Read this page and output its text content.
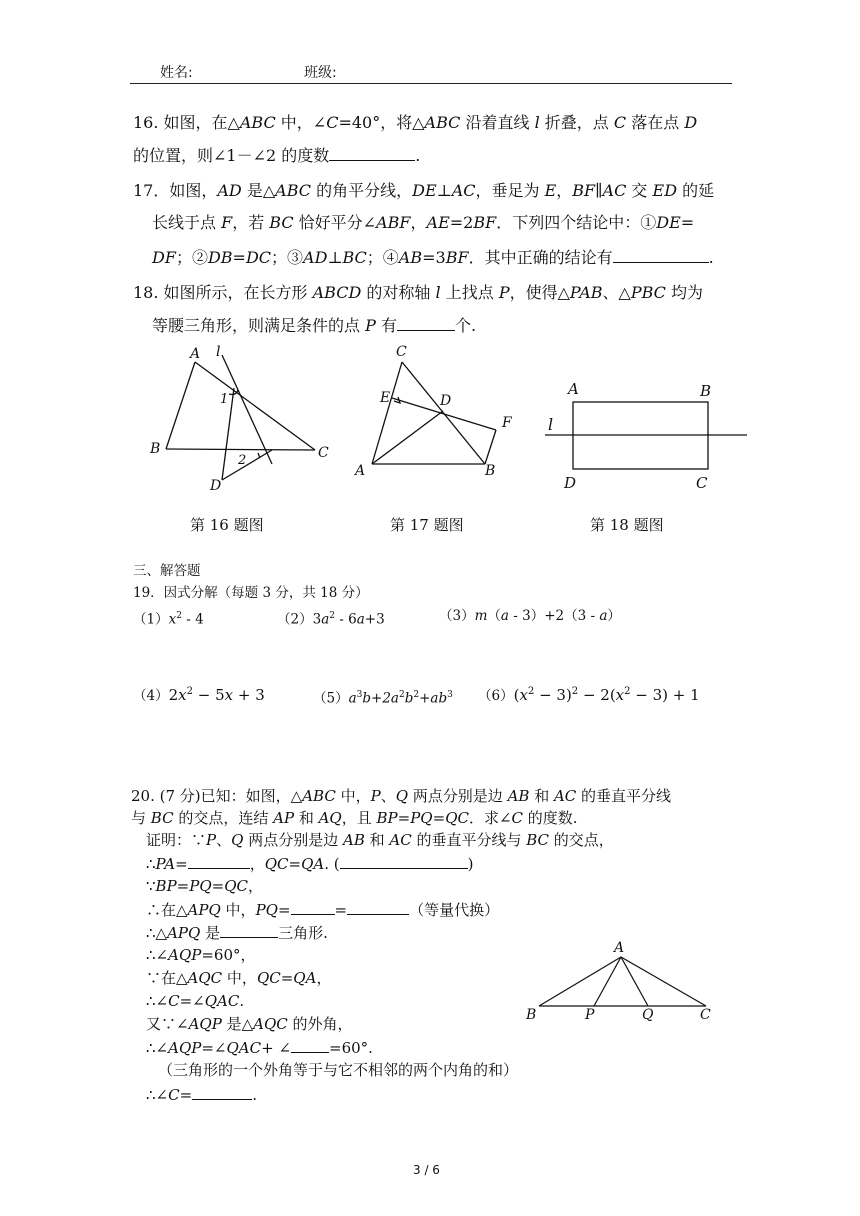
姓名:	班级:
16. 如图，在△ABC 中，∠C=40°，将△ABC 沿着直线 l 折叠，点 C 落在点 D
的位置，则∠1－∠2 的度数	.
17．如图，AD 是△ABC 的角平分线，DE⊥AC，垂足为 E，BF∥AC 交 ED 的延
长线于点 F，若 BC 恰好平分∠ABF，AE=2BF．下列四个结论中：①DE=
DF；②DB=DC；③AD⊥BC；④AB=3BF．其中正确的结论有	.
18. 如图所示，在长方形 ABCD 的对称轴 l 上找点 P，使得△PAB、△PBC 均为
等腰三角形，则满足条件的点 P 有	个.
A l
1
2
B	C
D
C
E	D
F
A	B
A	B
l
D	C
第 16 题图	第 17 题图	第 18 题图
三、解答题
19．因式分解（每题 3 分，共 18 分）
$(1)x^2 - 4$	$(2)3a^2 - 6a+3$	（3）m（a - 3）+2（3 - a）
$(4)2x^2 - 5x + 3$	$(5)a^3b+2a^2b^2+ab^3$ $(6)(x^2 - 3)^2 - 2(x^2 - 3) + 1$
20. (7 分)已知：如图，△ABC 中，P、Q 两点分别是边 AB 和 AC 的垂直平分线
与 BC 的交点，连结 AP 和 AQ，且 BP=PQ=QC．求∠C 的度数.
证明：∵P、Q 两点分别是边 AB 和 AC 的垂直平分线与 BC 的交点，
∴PA=	，QC=QA. (	)
∵BP=PQ=QC，
∴在△APQ 中，PQ=	=	（等量代换）
∴△APQ 是	三角形.
∴∠AQP=60°，
∵在△AQC 中，QC=QA，
∴∠C=∠QAC.
又∵∠AQP 是△AQC 的外角，
∴∠AQP=∠QAC+ ∠	=60°.
（三角形的一个外角等于与它不相邻的两个内角的和）
∴∠C=	.
A
B	P	Q	C
3 / 6
